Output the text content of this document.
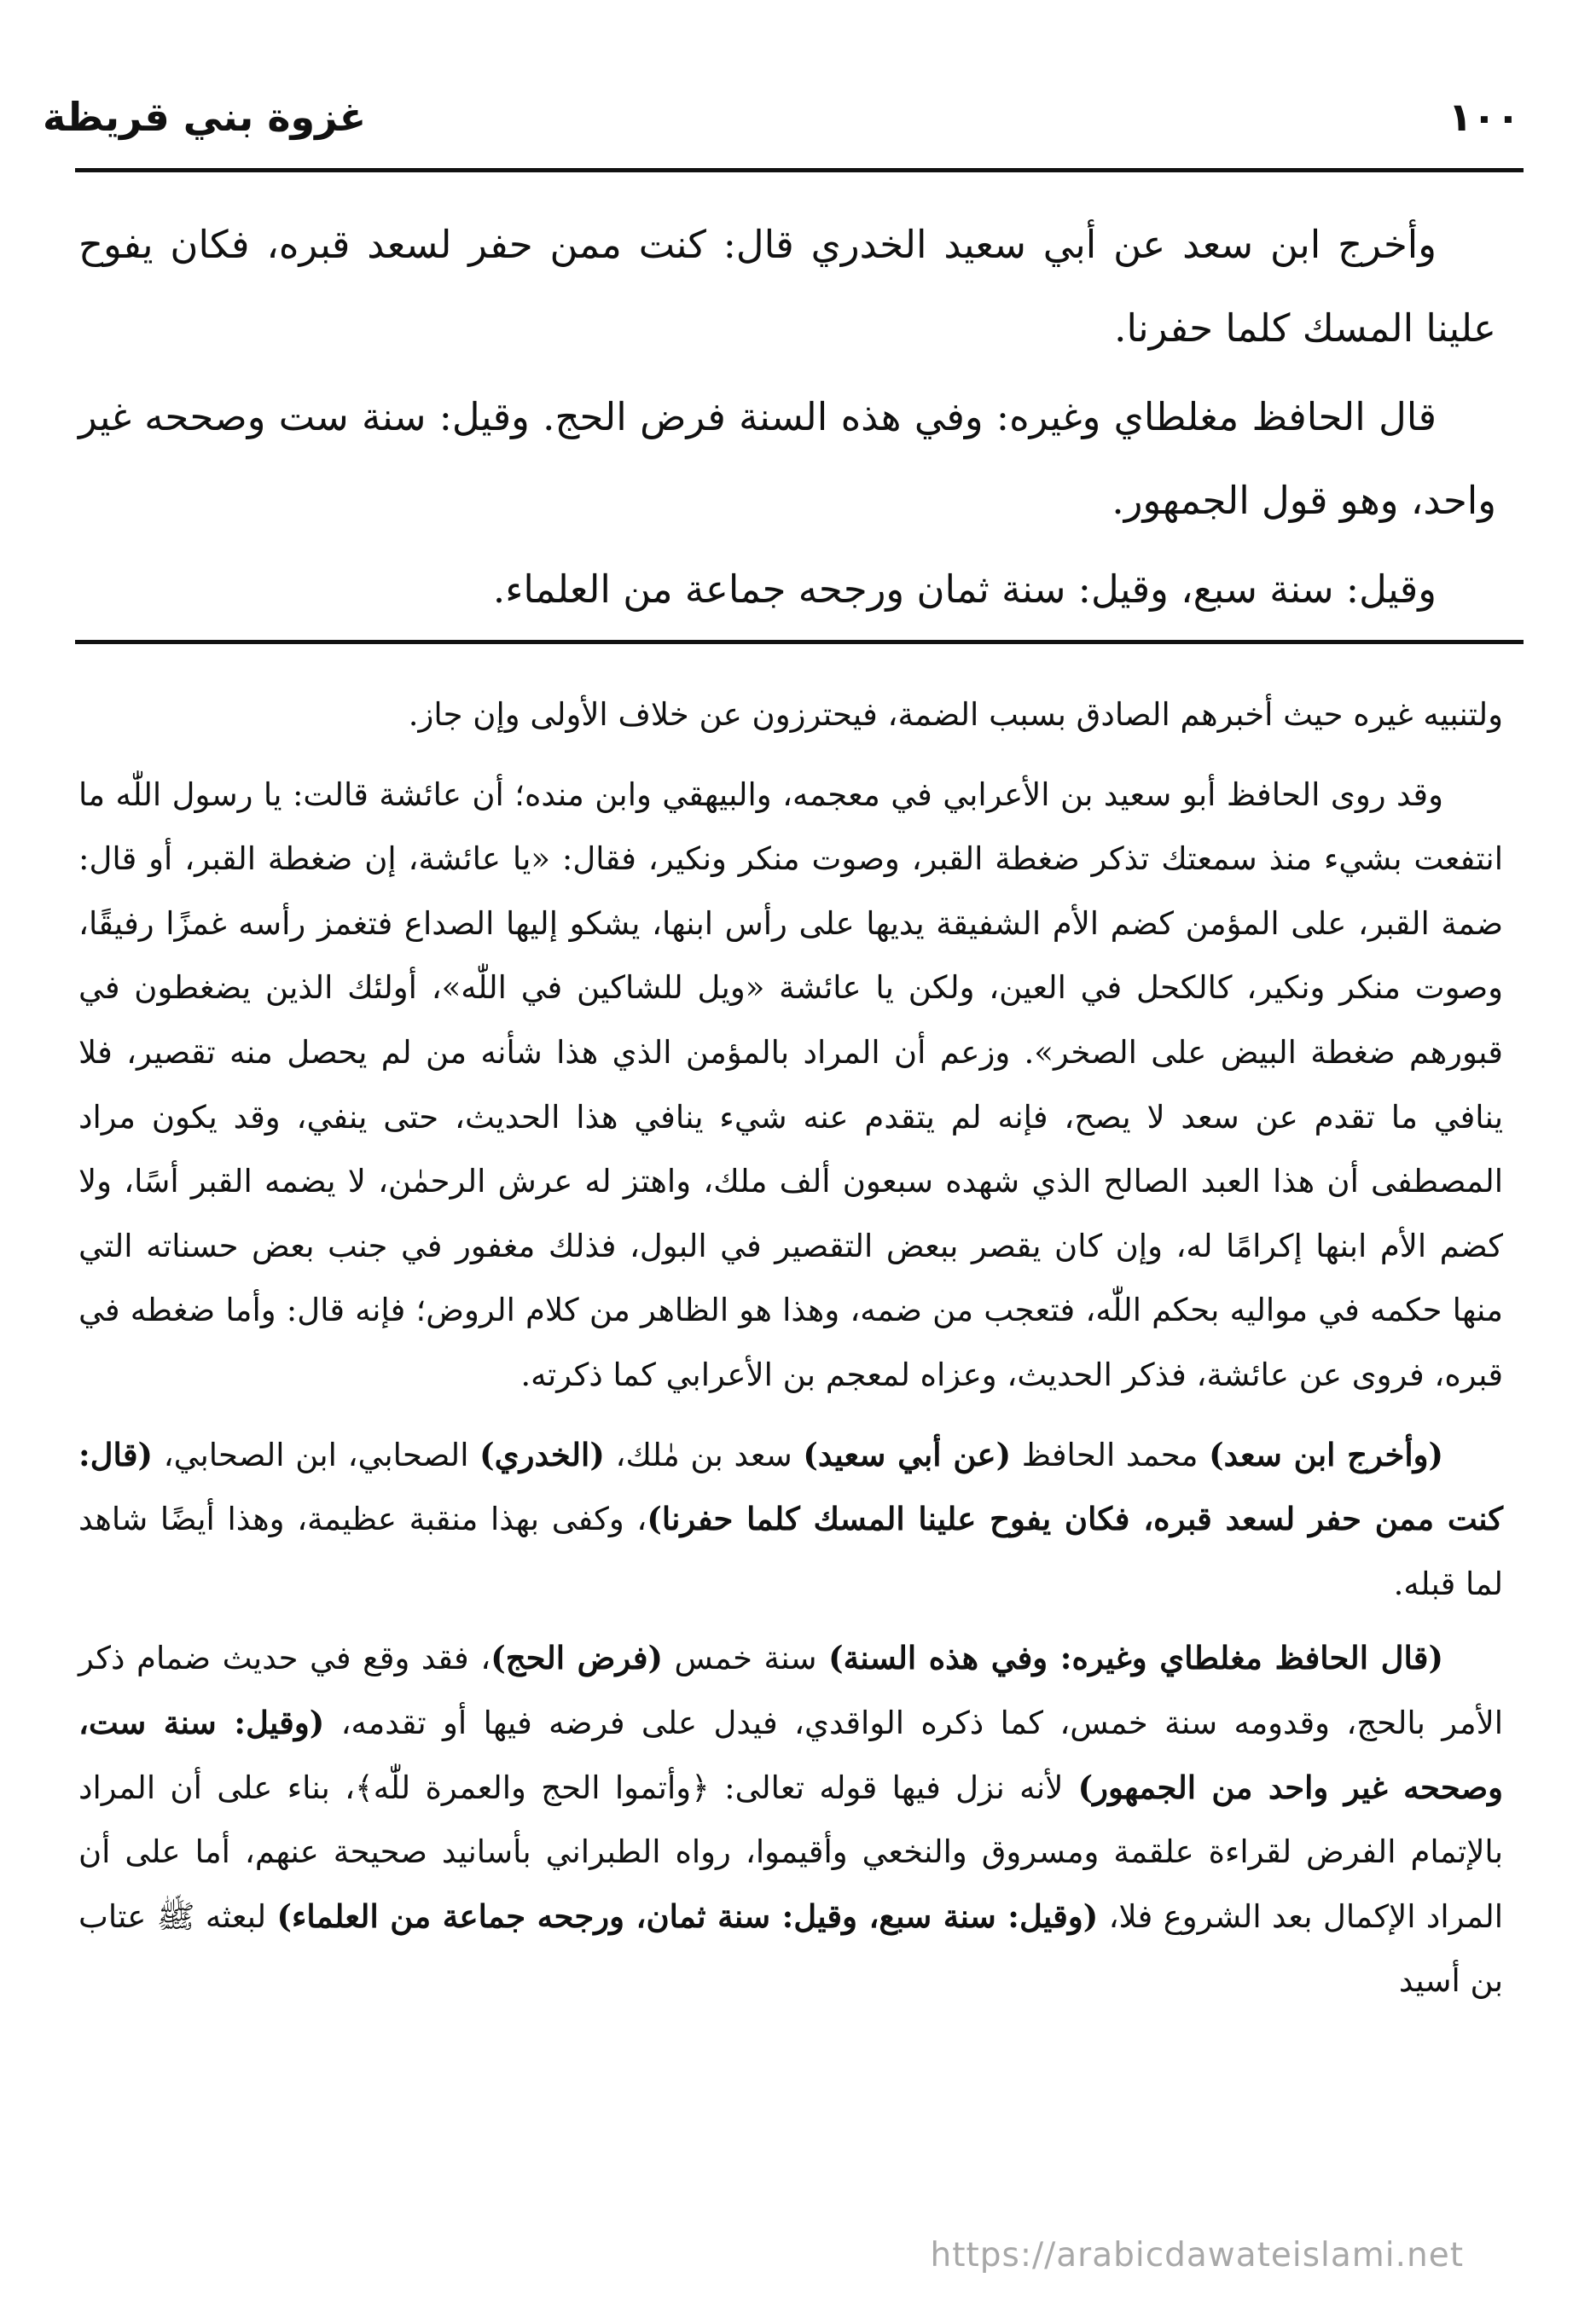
١٠٠
غزوة بني قريظة

وأخرج ابن سعد عن أبي سعيد الخدري قال: كنت ممن حفر لسعد قبره، فكان يفوح علينا المسك كلما حفرنا.

قال الحافظ مغلطاي وغيره: وفي هذه السنة فرض الحج. وقيل: سنة ست وصححه غير واحد، وهو قول الجمهور.

وقيل: سنة سبع، وقيل: سنة ثمان ورجحه جماعة من العلماء.

ولتنبيه غيره حيث أخبرهم الصادق بسبب الضمة، فيحترزون عن خلاف الأولى وإن جاز.

وقد روى الحافظ أبو سعيد بن الأعرابي في معجمه، والبيهقي وابن منده؛ أن عائشة قالت: يا رسول اللّٰه ما انتفعت بشيء منذ سمعتك تذكر ضغطة القبر، وصوت منكر ونكير، فقال: «يا عائشة، إن ضغطة القبر، أو قال: ضمة القبر، على المؤمن كضم الأم الشفيقة يديها على رأس ابنها، يشكو إليها الصداع فتغمز رأسه غمزًا رفيقًا، وصوت منكر ونكير، كالكحل في العين، ولكن يا عائشة «ويل للشاكين في اللّٰه»، أولئك الذين يضغطون في قبورهم ضغطة البيض على الصخر». وزعم أن المراد بالمؤمن الذي هذا شأنه من لم يحصل منه تقصير، فلا ينافي ما تقدم عن سعد لا يصح، فإنه لم يتقدم عنه شيء ينافي هذا الحديث، حتى ينفي، وقد يكون مراد المصطفى أن هذا العبد الصالح الذي شهده سبعون ألف ملك، واهتز له عرش الرحمٰن، لا يضمه القبر أسًا، ولا كضم الأم ابنها إكرامًا له، وإن كان يقصر ببعض التقصير في البول، فذلك مغفور في جنب بعض حسناته التي منها حكمه في مواليه بحكم اللّٰه، فتعجب من ضمه، وهذا هو الظاهر من كلام الروض؛ فإنه قال: وأما ضغطه في قبره، فروى عن عائشة، فذكر الحديث، وعزاه لمعجم بن الأعرابي كما ذكرته.

(وأخرج ابن سعد) محمد الحافظ (عن أبي سعيد) سعد بن مٰلك، (الخدري) الصحابي، ابن الصحابي، (قال: كنت ممن حفر لسعد قبره، فكان يفوح علينا المسك كلما حفرنا)، وكفى بهذا منقبة عظيمة، وهذا أيضًا شاهد لما قبله.

(قال الحافظ مغلطاي وغيره: وفي هذه السنة) سنة خمس (فرض الحج)، فقد وقع في حديث ضمام ذكر الأمر بالحج، وقدومه سنة خمس، كما ذكره الواقدي، فيدل على فرضه فيها أو تقدمه، (وقيل: سنة ست، وصححه غير واحد من الجمهور) لأنه نزل فيها قوله تعالى: ﴿وأتموا الحج والعمرة للّٰه﴾، بناء على أن المراد بالإتمام الفرض لقراءة علقمة ومسروق والنخعي وأقيموا، رواه الطبراني بأسانيد صحيحة عنهم، أما على أن المراد الإكمال بعد الشروع فلا، (وقيل: سنة سبع، وقيل: سنة ثمان، ورجحه جماعة من العلماء) لبعثه ﷺ عتاب بن أسيد

https://arabicdawateislami.net
